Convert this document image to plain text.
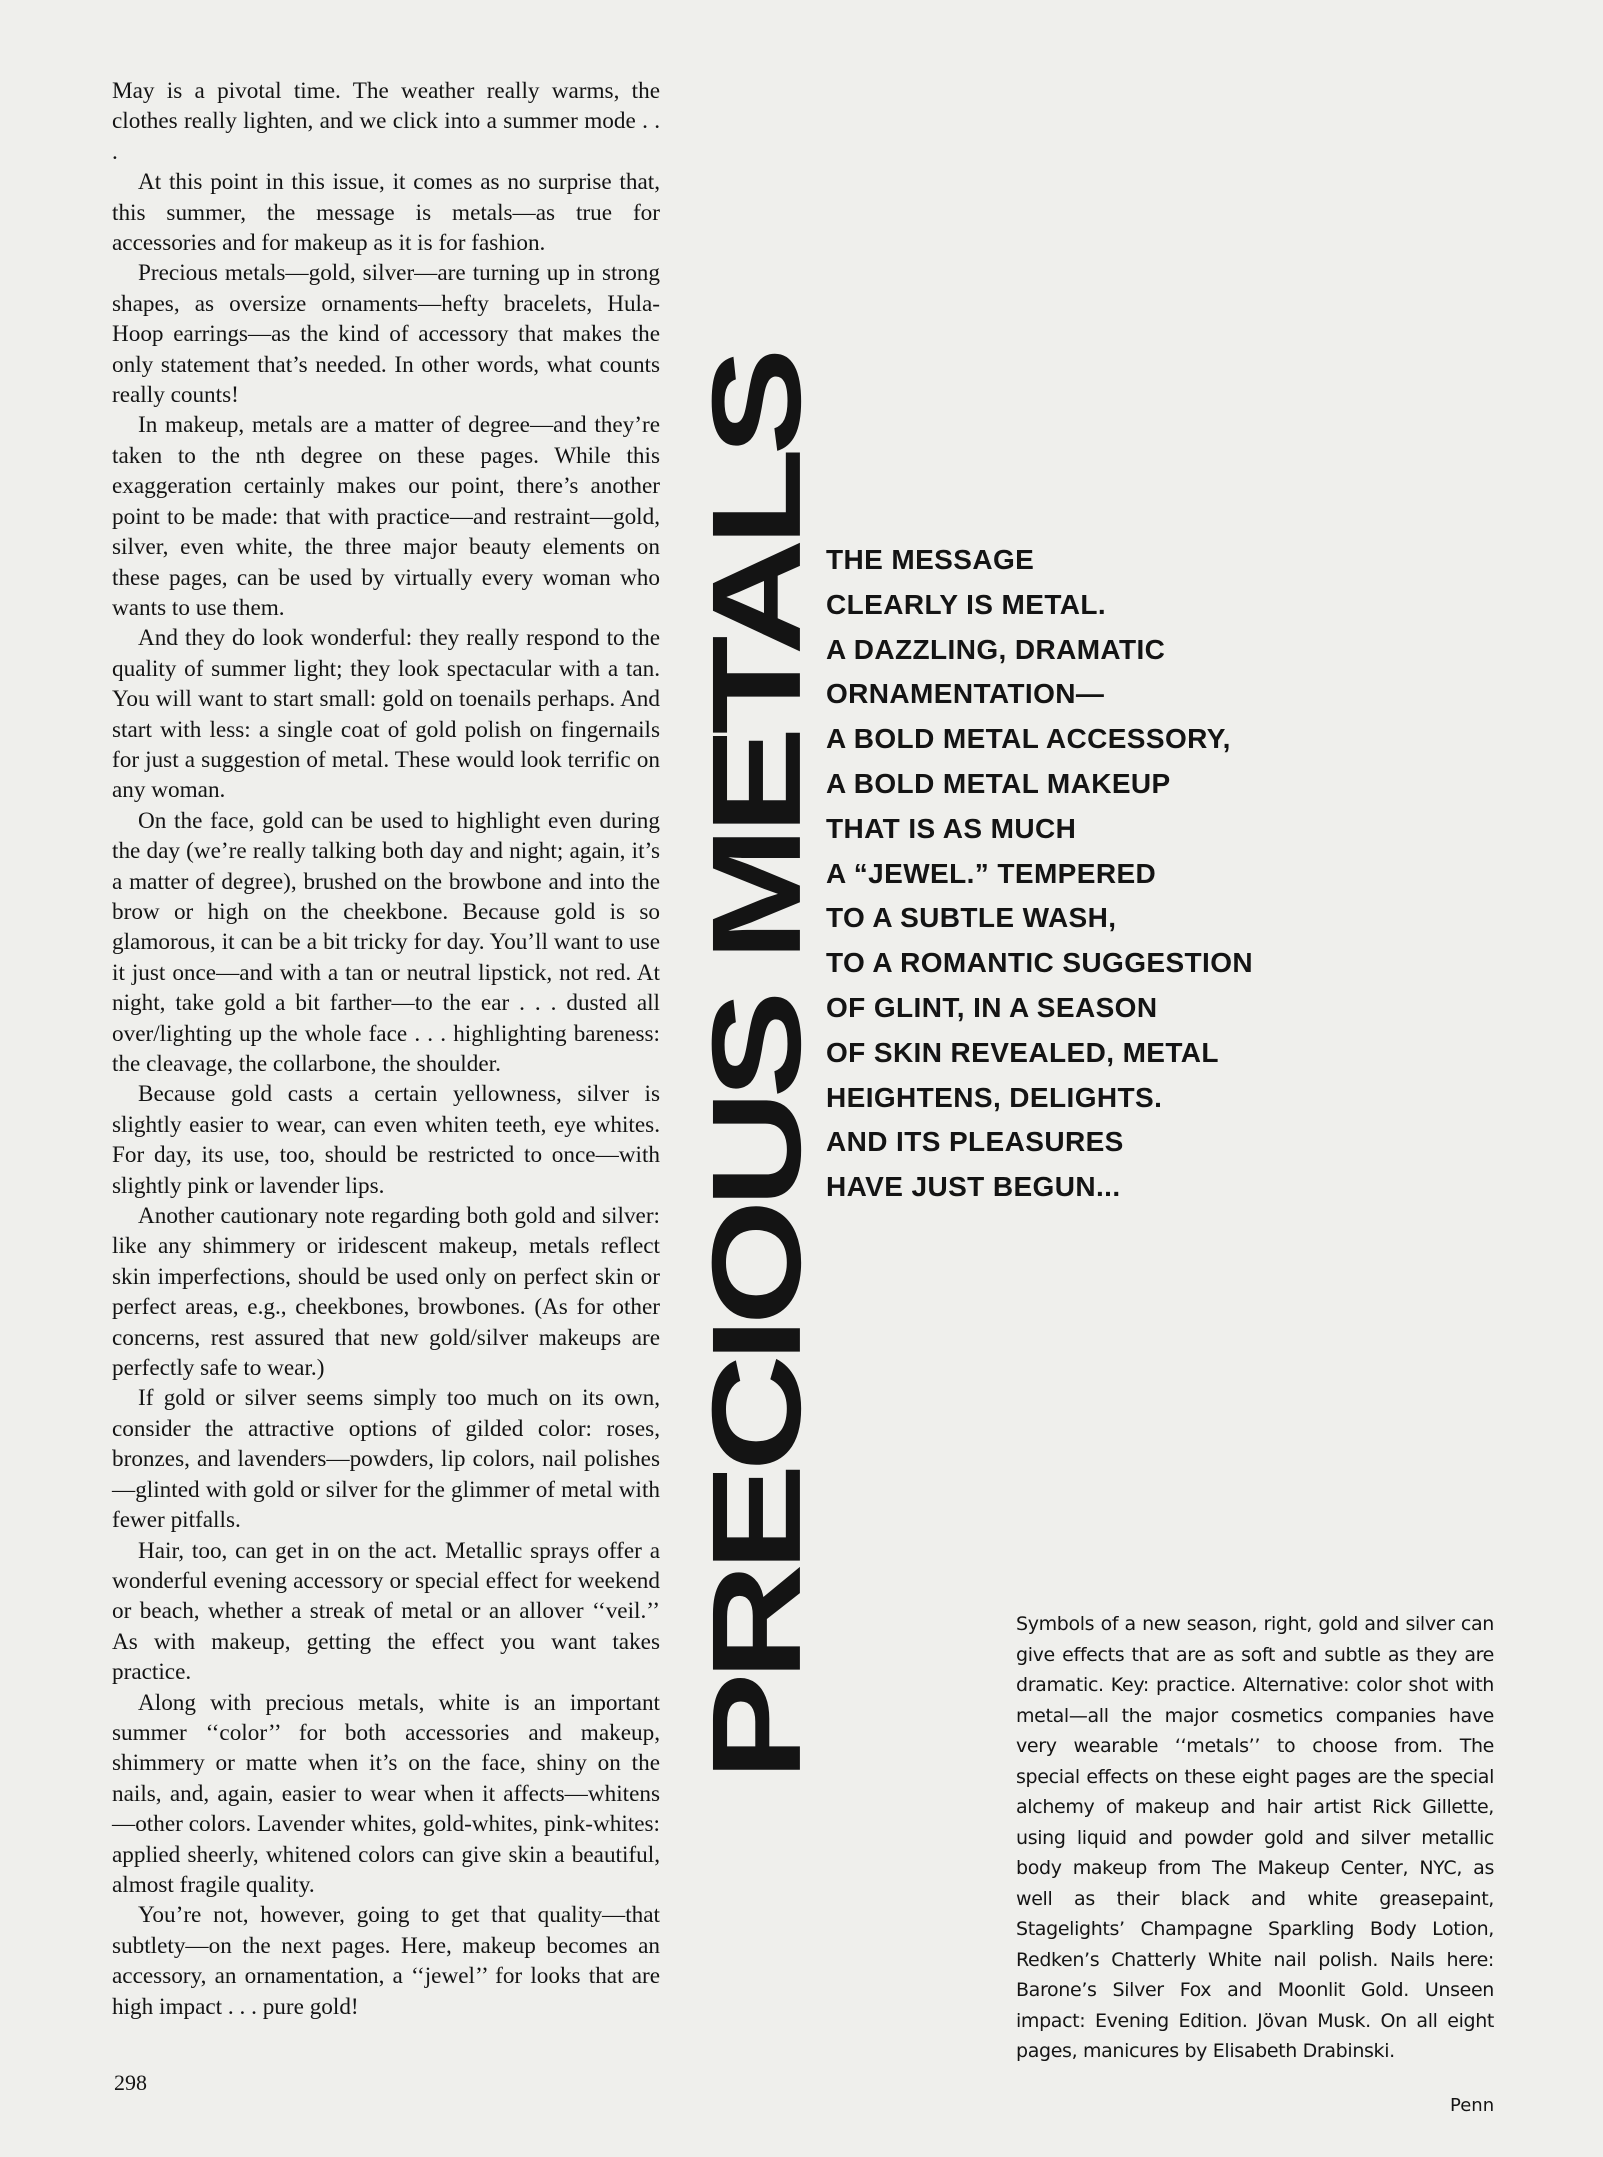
May is a pivotal time. The weather really warms, the clothes really lighten, and we click into a summer mode . . .

At this point in this issue, it comes as no surprise that, this summer, the message is metals—as true for accessories and for makeup as it is for fashion.

Precious metals—gold, silver—are turning up in strong shapes, as oversize ornaments—hefty bracelets, Hula-Hoop earrings—as the kind of accessory that makes the only statement that’s needed. In other words, what counts really counts!

In makeup, metals are a matter of degree—and they’re taken to the nth degree on these pages. While this exaggeration certainly makes our point, there’s another point to be made: that with practice—and restraint—gold, silver, even white, the three major beauty elements on these pages, can be used by virtually every woman who wants to use them.

And they do look wonderful: they really respond to the quality of summer light; they look spectacular with a tan. You will want to start small: gold on toenails perhaps. And start with less: a single coat of gold polish on fingernails for just a suggestion of metal. These would look terrific on any woman.

On the face, gold can be used to highlight even during the day (we’re really talking both day and night; again, it’s a matter of degree), brushed on the browbone and into the brow or high on the cheekbone. Because gold is so glamorous, it can be a bit tricky for day. You’ll want to use it just once—and with a tan or neutral lipstick, not red. At night, take gold a bit farther—to the ear . . . dusted all over/lighting up the whole face . . . highlighting bareness: the cleavage, the collarbone, the shoulder.

Because gold casts a certain yellowness, silver is slightly easier to wear, can even whiten teeth, eye whites. For day, its use, too, should be restricted to once—with slightly pink or lavender lips.

Another cautionary note regarding both gold and silver: like any shimmery or iridescent makeup, metals reflect skin imperfections, should be used only on perfect skin or perfect areas, e.g., cheekbones, browbones. (As for other concerns, rest assured that new gold/silver makeups are perfectly safe to wear.)

If gold or silver seems simply too much on its own, consider the attractive options of gilded color: roses, bronzes, and lavenders—powders, lip colors, nail polishes—glinted with gold or silver for the glimmer of metal with fewer pitfalls.

Hair, too, can get in on the act. Metallic sprays offer a wonderful evening accessory or special effect for weekend or beach, whether a streak of metal or an allover ‘‘veil.’’ As with makeup, getting the effect you want takes practice.

Along with precious metals, white is an important summer ‘‘color’’ for both accessories and makeup, shimmery or matte when it’s on the face, shiny on the nails, and, again, easier to wear when it affects—whitens—other colors. Lavender whites, gold-whites, pink-whites: applied sheerly, whitened colors can give skin a beautiful, almost fragile quality.

You’re not, however, going to get that quality—that subtlety—on the next pages. Here, makeup becomes an accessory, an ornamentation, a ‘‘jewel’’ for looks that are high impact . . . pure gold!

298
PRECIOUS METALS
THE MESSAGE
CLEARLY IS METAL.
A DAZZLING, DRAMATIC
ORNAMENTATION—
A BOLD METAL ACCESSORY,
A BOLD METAL MAKEUP
THAT IS AS MUCH
A “JEWEL.” TEMPERED
TO A SUBTLE WASH,
TO A ROMANTIC SUGGESTION
OF GLINT, IN A SEASON
OF SKIN REVEALED, METAL
HEIGHTENS, DELIGHTS.
AND ITS PLEASURES
HAVE JUST BEGUN...
Symbols of a new season, right, gold and silver can give effects that are as soft and subtle as they are dramatic. Key: practice. Alternative: color shot with metal—all the major cosmetics companies have very wearable ‘‘metals’’ to choose from. The special effects on these eight pages are the special alchemy of makeup and hair artist Rick Gillette, using liquid and powder gold and silver metallic body makeup from The Makeup Center, NYC, as well as their black and white greasepaint, Stagelights’ Champagne Sparkling Body Lotion, Redken’s Chatterly White nail polish. Nails here: Barone’s Silver Fox and Moonlit Gold. Unseen impact: Evening Edition. Jövan Musk. On all eight pages, manicures by Elisabeth Drabinski.
Penn
